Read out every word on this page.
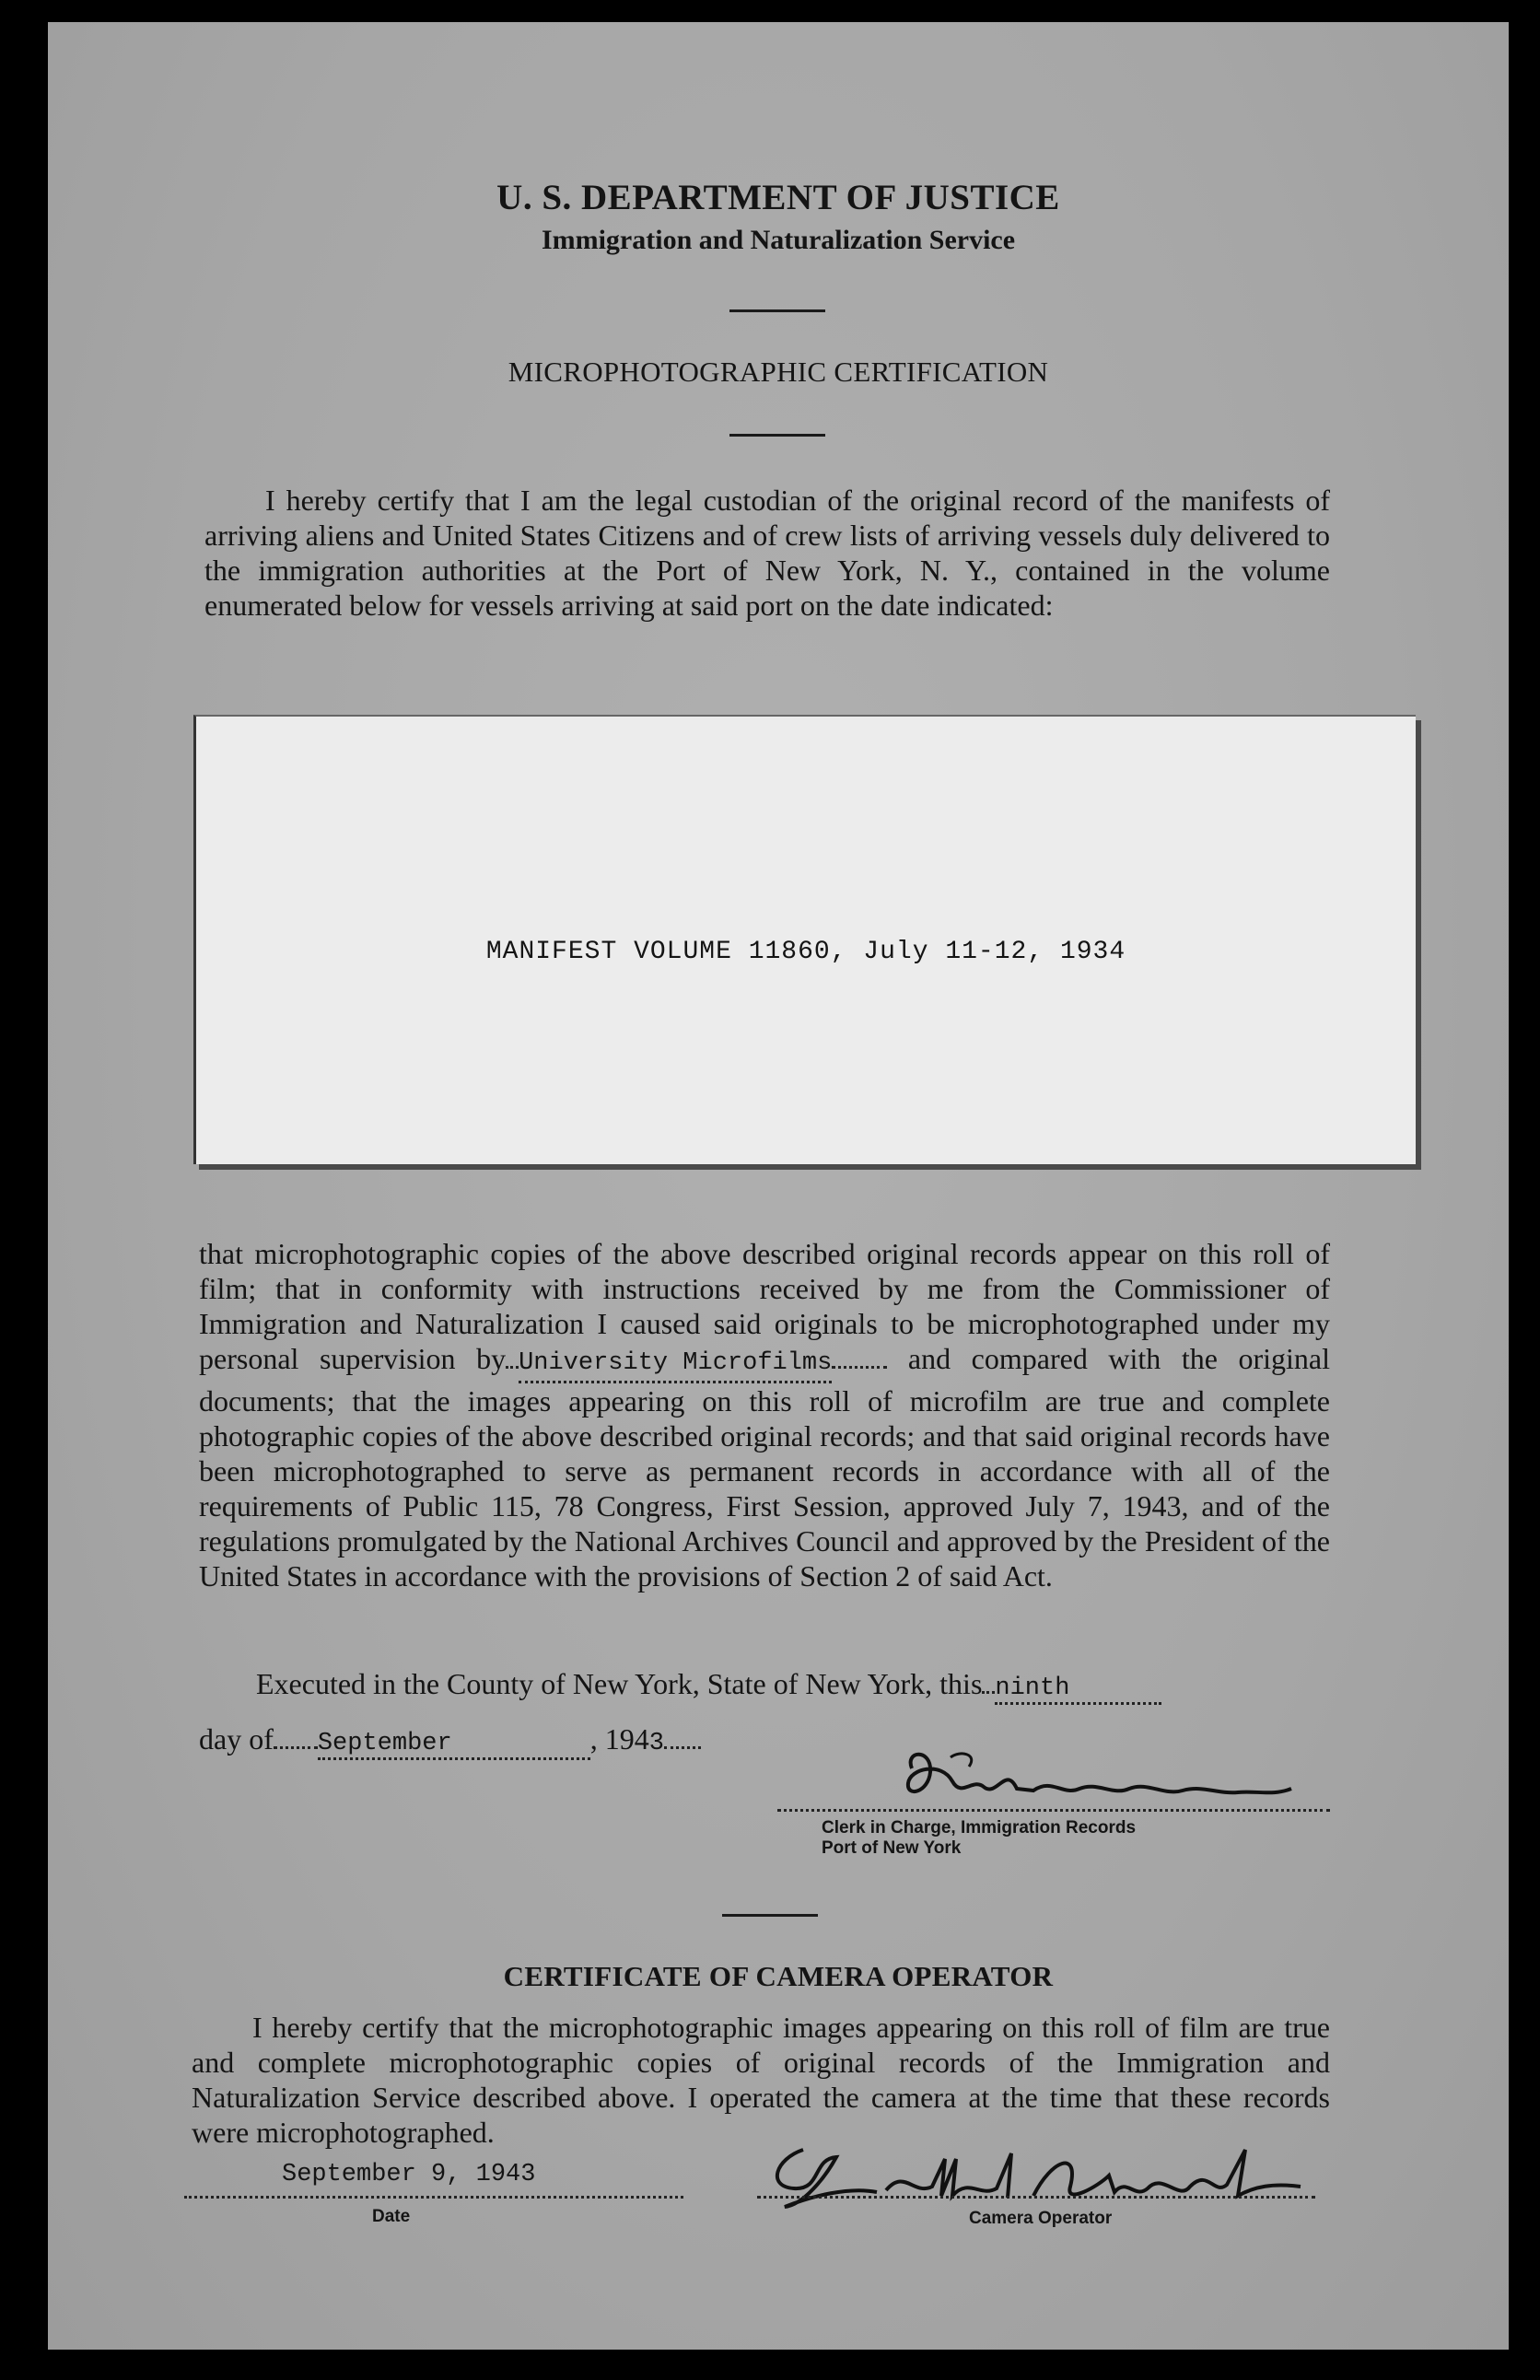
U. S. DEPARTMENT OF JUSTICE
Immigration and Naturalization Service
MICROPHOTOGRAPHIC CERTIFICATION
I hereby certify that I am the legal custodian of the original record of the manifests of arriving aliens and United States Citizens and of crew lists of arriving vessels duly delivered to the immigration authorities at the Port of New York, N. Y., contained in the volume enumerated below for vessels arriving at said port on the date indicated:
MANIFEST VOLUME 11860, July 11-12, 1934
that microphotographic copies of the above described original records appear on this roll of film; that in conformity with instructions received by me from the Commissioner of Immigration and Naturalization I caused said originals to be microphotographed under my personal supervision by University Microfilms	and compared with the original documents; that the images appearing on this roll of microfilm are true and complete photographic copies of the above described original records; and that said original records have been microphotographed to serve as permanent records in accordance with all of the requirements of Public 115, 78 Congress, First Session, approved July 7, 1943, and of the regulations promulgated by the National Archives Council and approved by the President of the United States in accordance with the provisions of Section 2 of said Act.
Executed in the County of New York, State of New York, this ninth
day of September	, 1943
Clerk in Charge, Immigration Records
Port of New York
CERTIFICATE OF CAMERA OPERATOR
I hereby certify that the microphotographic images appearing on this roll of film are true and complete microphotographic copies of original records of the Immigration and Naturalization Service described above. I operated the camera at the time that these records were microphotographed.
September 9, 1943
Date	Camera Operator
